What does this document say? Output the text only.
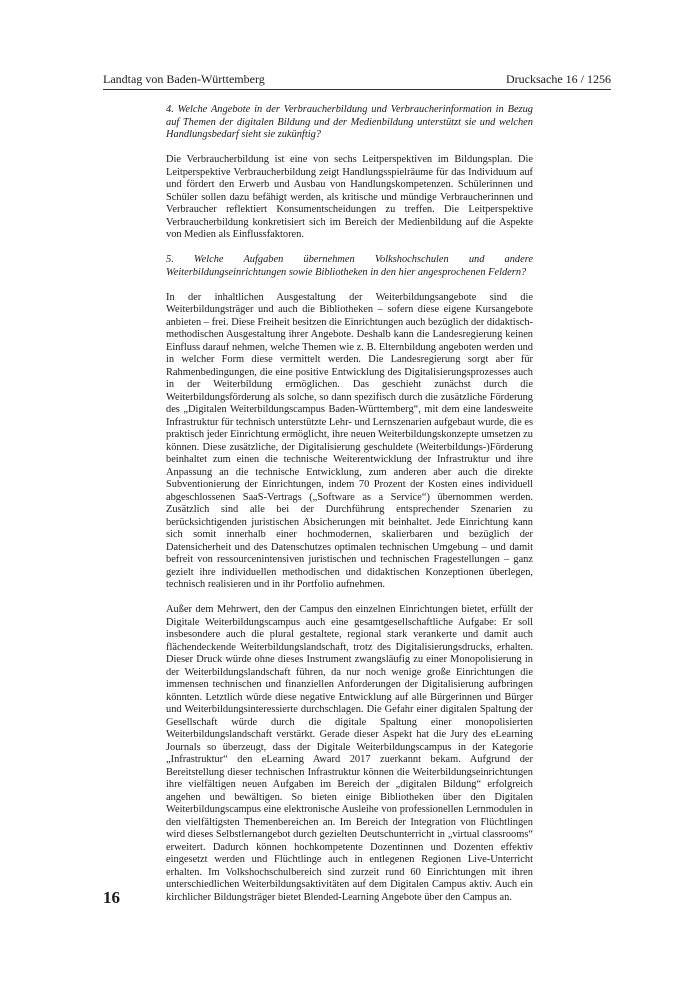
Landtag von Baden-Württemberg	Drucksache 16 / 1256

4. Welche Angebote in der Verbraucherbildung und Verbraucherinformation in Bezug auf Themen der digitalen Bildung und der Medienbildung unterstützt sie und welchen Handlungsbedarf sieht sie zukünftig?

Die Verbraucherbildung ist eine von sechs Leitperspektiven im Bildungsplan. Die Leitperspektive Verbraucherbildung zeigt Handlungsspielräume für das Individuum auf und fördert den Erwerb und Ausbau von Handlungskompetenzen. Schülerinnen und Schüler sollen dazu befähigt werden, als kritische und mündige Verbraucherinnen und Verbraucher reflektiert Konsumentscheidungen zu treffen. Die Leitperspektive Verbraucherbildung konkretisiert sich im Bereich der Medienbildung auf die Aspekte von Medien als Einflussfaktoren.

5. Welche Aufgaben übernehmen Volkshochschulen und andere Weiterbildungseinrichtungen sowie Bibliotheken in den hier angesprochenen Feldern?

In der inhaltlichen Ausgestaltung der Weiterbildungsangebote sind die Weiterbildungsträger und auch die Bibliotheken – sofern diese eigene Kursangebote anbieten – frei. Diese Freiheit besitzen die Einrichtungen auch bezüglich der didaktisch-methodischen Ausgestaltung ihrer Angebote. Deshalb kann die Landesregierung keinen Einfluss darauf nehmen, welche Themen wie z. B. Elternbildung angeboten werden und in welcher Form diese vermittelt werden. Die Landesregierung sorgt aber für Rahmenbedingungen, die eine positive Entwicklung des Digitalisierungsprozesses auch in der Weiterbildung ermöglichen. Das geschieht zunächst durch die Weiterbildungsförderung als solche, so dann spezifisch durch die zusätzliche Förderung des „Digitalen Weiterbildungscampus Baden-Württemberg“, mit dem eine landesweite Infrastruktur für technisch unterstützte Lehr- und Lernszenarien aufgebaut wurde, die es praktisch jeder Einrichtung ermöglicht, ihre neuen Weiterbildungskonzepte umsetzen zu können. Diese zusätzliche, der Digitalisierung geschuldete (Weiterbildungs-)Förderung beinhaltet zum einen die technische Weiterentwicklung der Infrastruktur und ihre Anpassung an die technische Entwicklung, zum anderen aber auch die direkte Subventionierung der Einrichtungen, indem 70 Prozent der Kosten eines individuell abgeschlossenen SaaS-Vertrags („Software as a Service“) übernommen werden. Zusätzlich sind alle bei der Durchführung entsprechender Szenarien zu berücksichtigenden juristischen Absicherungen mit beinhaltet. Jede Einrichtung kann sich somit innerhalb einer hochmodernen, skalierbaren und bezüglich der Datensicherheit und des Datenschutzes optimalen technischen Umgebung – und damit befreit von ressourcenintensiven juristischen und technischen Fragestellungen – ganz gezielt ihre individuellen methodischen und didaktischen Konzeptionen überlegen, technisch realisieren und in ihr Portfolio aufnehmen.

Außer dem Mehrwert, den der Campus den einzelnen Einrichtungen bietet, erfüllt der Digitale Weiterbildungscampus auch eine gesamtgesellschaftliche Aufgabe: Er soll insbesondere auch die plural gestaltete, regional stark verankerte und damit auch flächendeckende Weiterbildungslandschaft, trotz des Digitalisierungsdrucks, erhalten. Dieser Druck würde ohne dieses Instrument zwangsläufig zu einer Monopolisierung in der Weiterbildungslandschaft führen, da nur noch wenige große Einrichtungen die immensen technischen und finanziellen Anforderungen der Digitalisierung aufbringen könnten. Letztlich würde diese negative Entwicklung auf alle Bürgerinnen und Bürger und Weiterbildungsinteressierte durchschlagen. Die Gefahr einer digitalen Spaltung der Gesellschaft würde durch die digitale Spaltung einer monopolisierten Weiterbildungslandschaft verstärkt. Gerade dieser Aspekt hat die Jury des eLearning Journals so überzeugt, dass der Digitale Weiterbildungscampus in der Kategorie „Infrastruktur“ den eLearning Award 2017 zuerkannt bekam. Aufgrund der Bereitstellung dieser technischen Infrastruktur können die Weiterbildungseinrichtungen ihre vielfältigen neuen Aufgaben im Bereich der „digitalen Bildung“ erfolgreich angehen und bewältigen. So bieten einige Bibliotheken über den Digitalen Weiterbildungscampus eine elektronische Ausleihe von professionellen Lernmodulen in den vielfältigsten Themenbereichen an. Im Bereich der Integration von Flüchtlingen wird dieses Selbstlernangebot durch gezielten Deutschunterricht in „virtual classrooms“ erweitert. Dadurch können hochkompetente Dozentinnen und Dozenten effektiv eingesetzt werden und Flüchtlinge auch in entlegenen Regionen Live-Unterricht erhalten. Im Volkshochschulbereich sind zurzeit rund 60 Einrichtungen mit ihren unterschiedlichen Weiterbildungsaktivitäten auf dem Digitalen Campus aktiv. Auch ein kirchlicher Bildungsträger bietet Blended-Learning Angebote über den Campus an.

16
